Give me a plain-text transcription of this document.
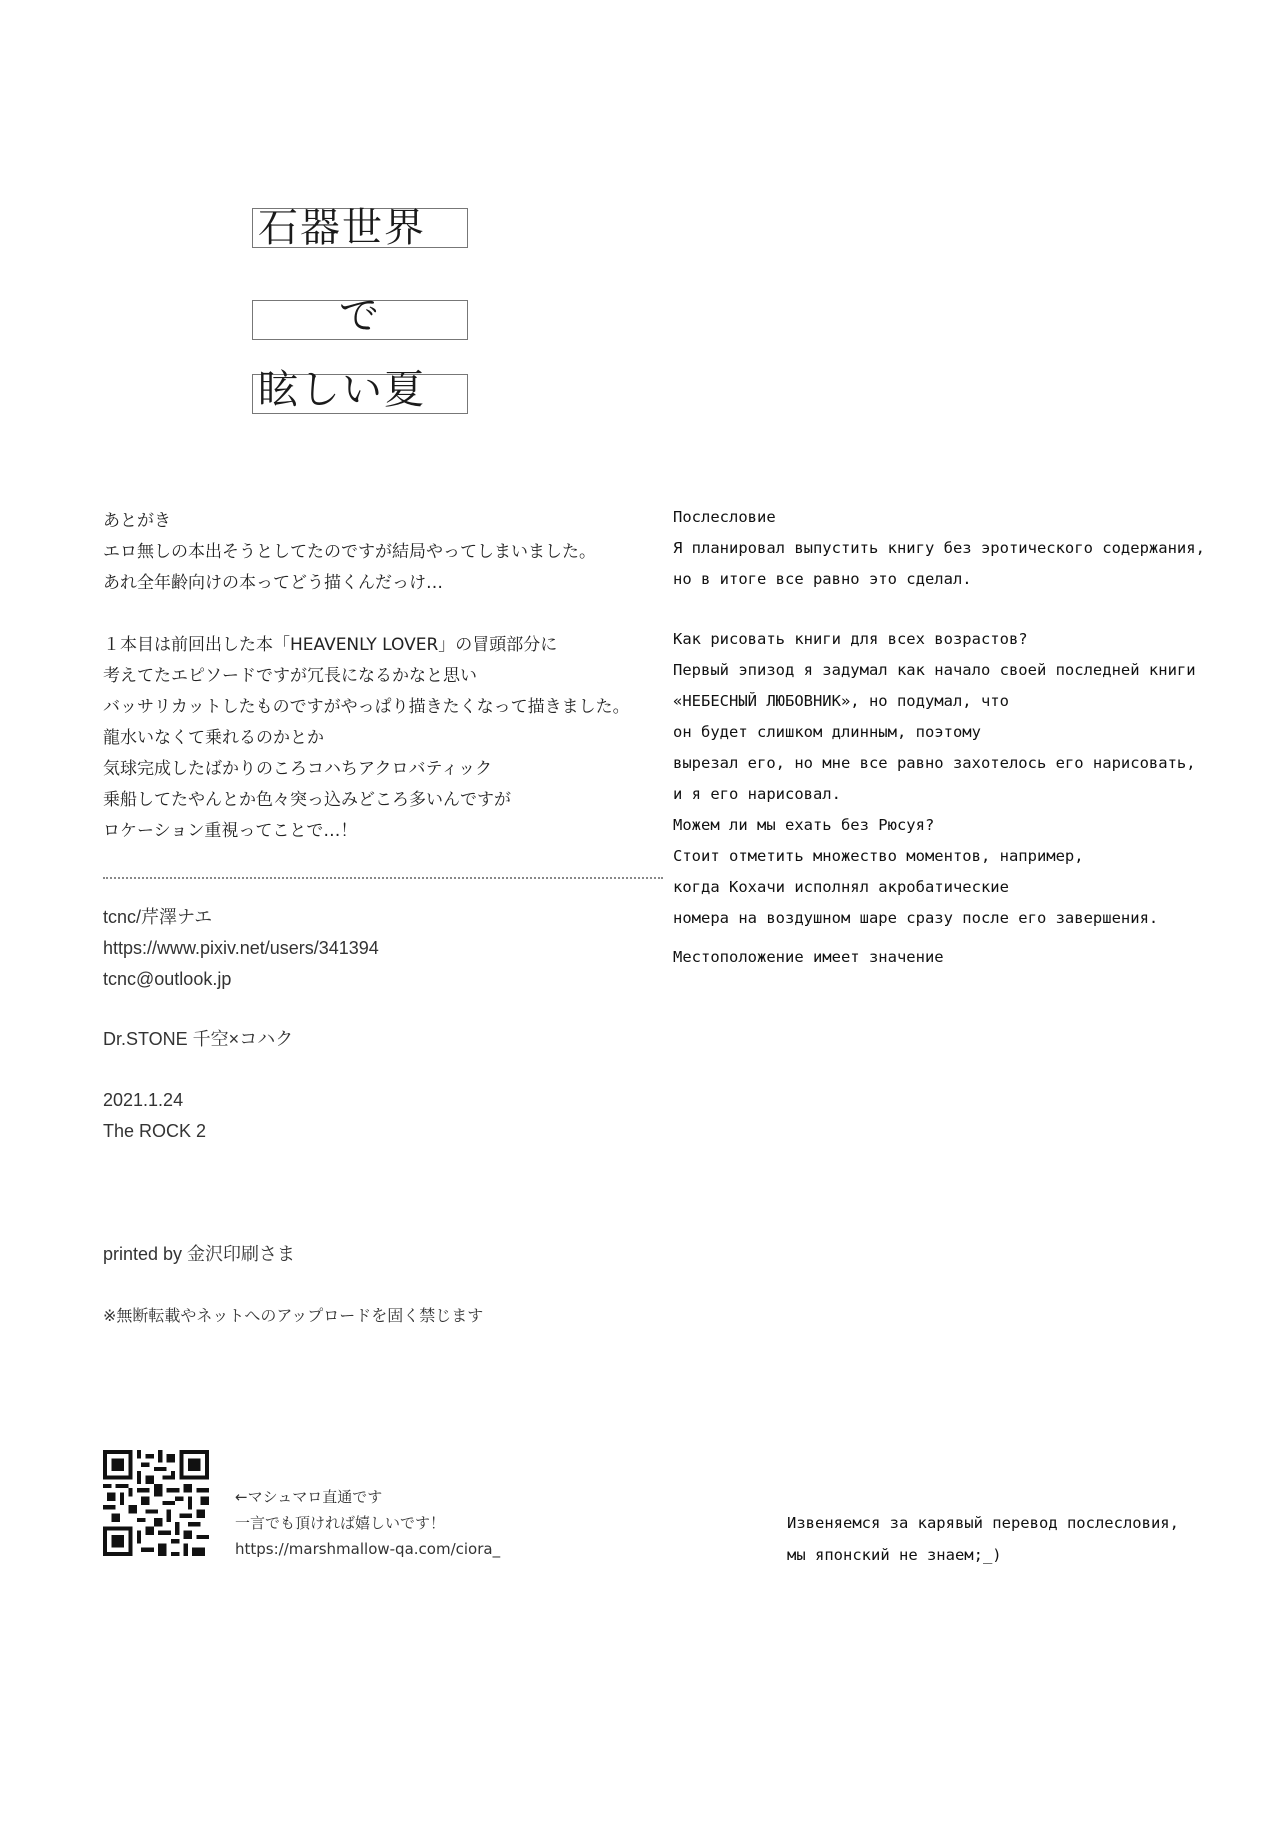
石器世界
で
眩しい夏
あとがき
エロ無しの本出そうとしてたのですが結局やってしまいました。
あれ全年齢向けの本ってどう描くんだっけ…
１本目は前回出した本「HEAVENLY LOVER」の冒頭部分に
考えてたエピソードですが冗長になるかなと思い
バッサリカットしたものですがやっぱり描きたくなって描きました。
龍水いなくて乗れるのかとか
気球完成したばかりのころコハちアクロバティック
乗船してたやんとか色々突っ込みどころ多いんですが
ロケーション重視ってことで…！
tcnc/芹澤ナエ
https://www.pixiv.net/users/341394
tcnc@outlook.jp
Dr.STONE 千空×コハク
2021.1.24
The ROCK 2
printed by 金沢印刷さま
※無断転載やネットへのアップロードを固く禁じます
←マシュマロ直通です
一言でも頂ければ嬉しいです！
https://marshmallow-qa.com/ciora_
Послесловие
Я планировал выпустить книгу без эротического содержания,
но в итоге все равно это сделал.
Как рисовать книги для всех возрастов?
Первый эпизод я задумал как начало своей последней книги
«НЕБЕСНЫЙ ЛЮБОВНИК», но подумал, что
он будет слишком длинным, поэтому
вырезал его, но мне все равно захотелось его нарисовать,
и я его нарисовал.
Можем ли мы ехать без Рюсуя?
Стоит отметить множество моментов, например,
когда Кохачи исполнял акробатические
номера на воздушном шаре сразу после его завершения.
Местоположение имеет значение
Извеняемся за карявый перевод послесловия,
мы японский не знаем;_)
